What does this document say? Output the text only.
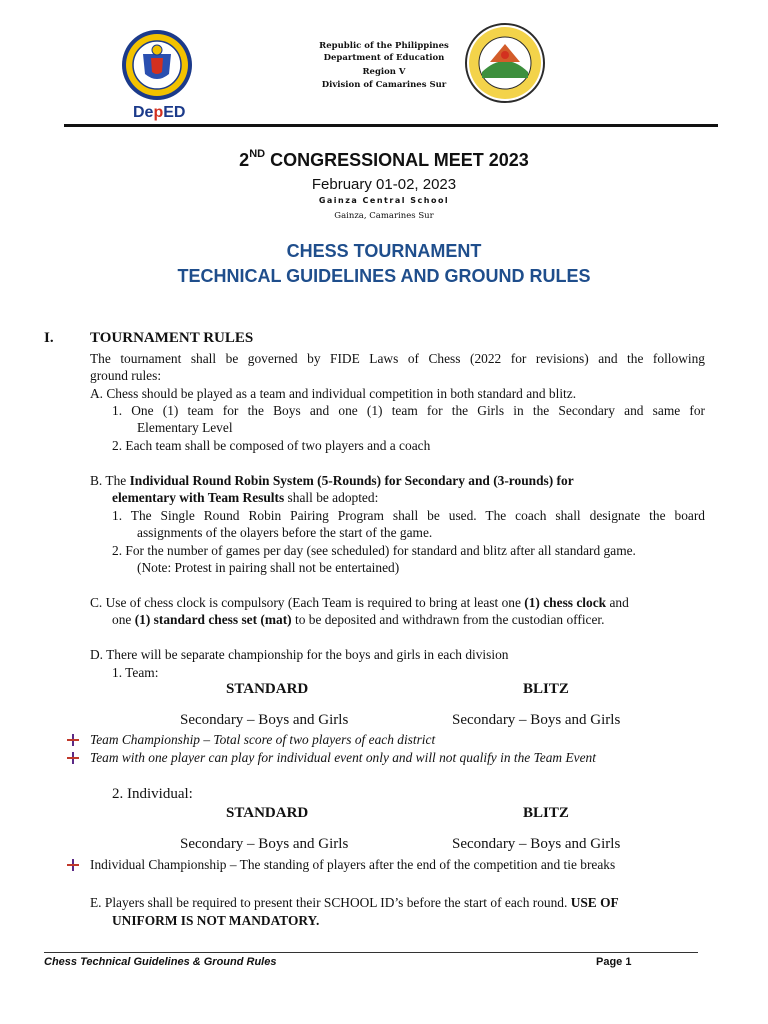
DepED
Republic of the Philippines
Department of Education
Region V
Division of Camarines Sur
2ND CONGRESSIONAL MEET 2023
February 01-02, 2023
Gainza Central School
Gainza, Camarines Sur
CHESS TOURNAMENT
TECHNICAL GUIDELINES AND GROUND RULES
I. TOURNAMENT RULES
The tournament shall be governed by FIDE Laws of Chess (2022 for revisions) and the following
ground rules:
A. Chess should be played as a team and individual competition in both standard and blitz.
1. One (1) team for the Boys and one (1) team for the Girls in the Secondary and same for
Elementary Level
2. Each team shall be composed of two players and a coach
B. The Individual Round Robin System (5-Rounds) for Secondary and (3-rounds) for
elementary with Team Results shall be adopted:
1. The Single Round Robin Pairing Program shall be used. The coach shall designate the board
assignments of the olayers before the start of the game.
2. For the number of games per day (see scheduled) for standard and blitz after all standard game.
(Note: Protest in pairing shall not be entertained)
C. Use of chess clock is compulsory (Each Team is required to bring at least one (1) chess clock and
one (1) standard chess set (mat) to be deposited and withdrawn from the custodian officer.
D. There will be separate championship for the boys and girls in each division
1. Team:
STANDARD	BLITZ
Secondary – Boys and Girls	Secondary – Boys and Girls
Team Championship – Total score of two players of each district
Team with one player can play for individual event only and will not qualify in the Team Event
2. Individual:
STANDARD	BLITZ
Secondary – Boys and Girls	Secondary – Boys and Girls
Individual Championship – The standing of players after the end of the competition and tie breaks
E. Players shall be required to present their SCHOOL ID’s before the start of each round. USE OF
UNIFORM IS NOT MANDATORY.
Chess Technical Guidelines & Ground Rules	Page 1
